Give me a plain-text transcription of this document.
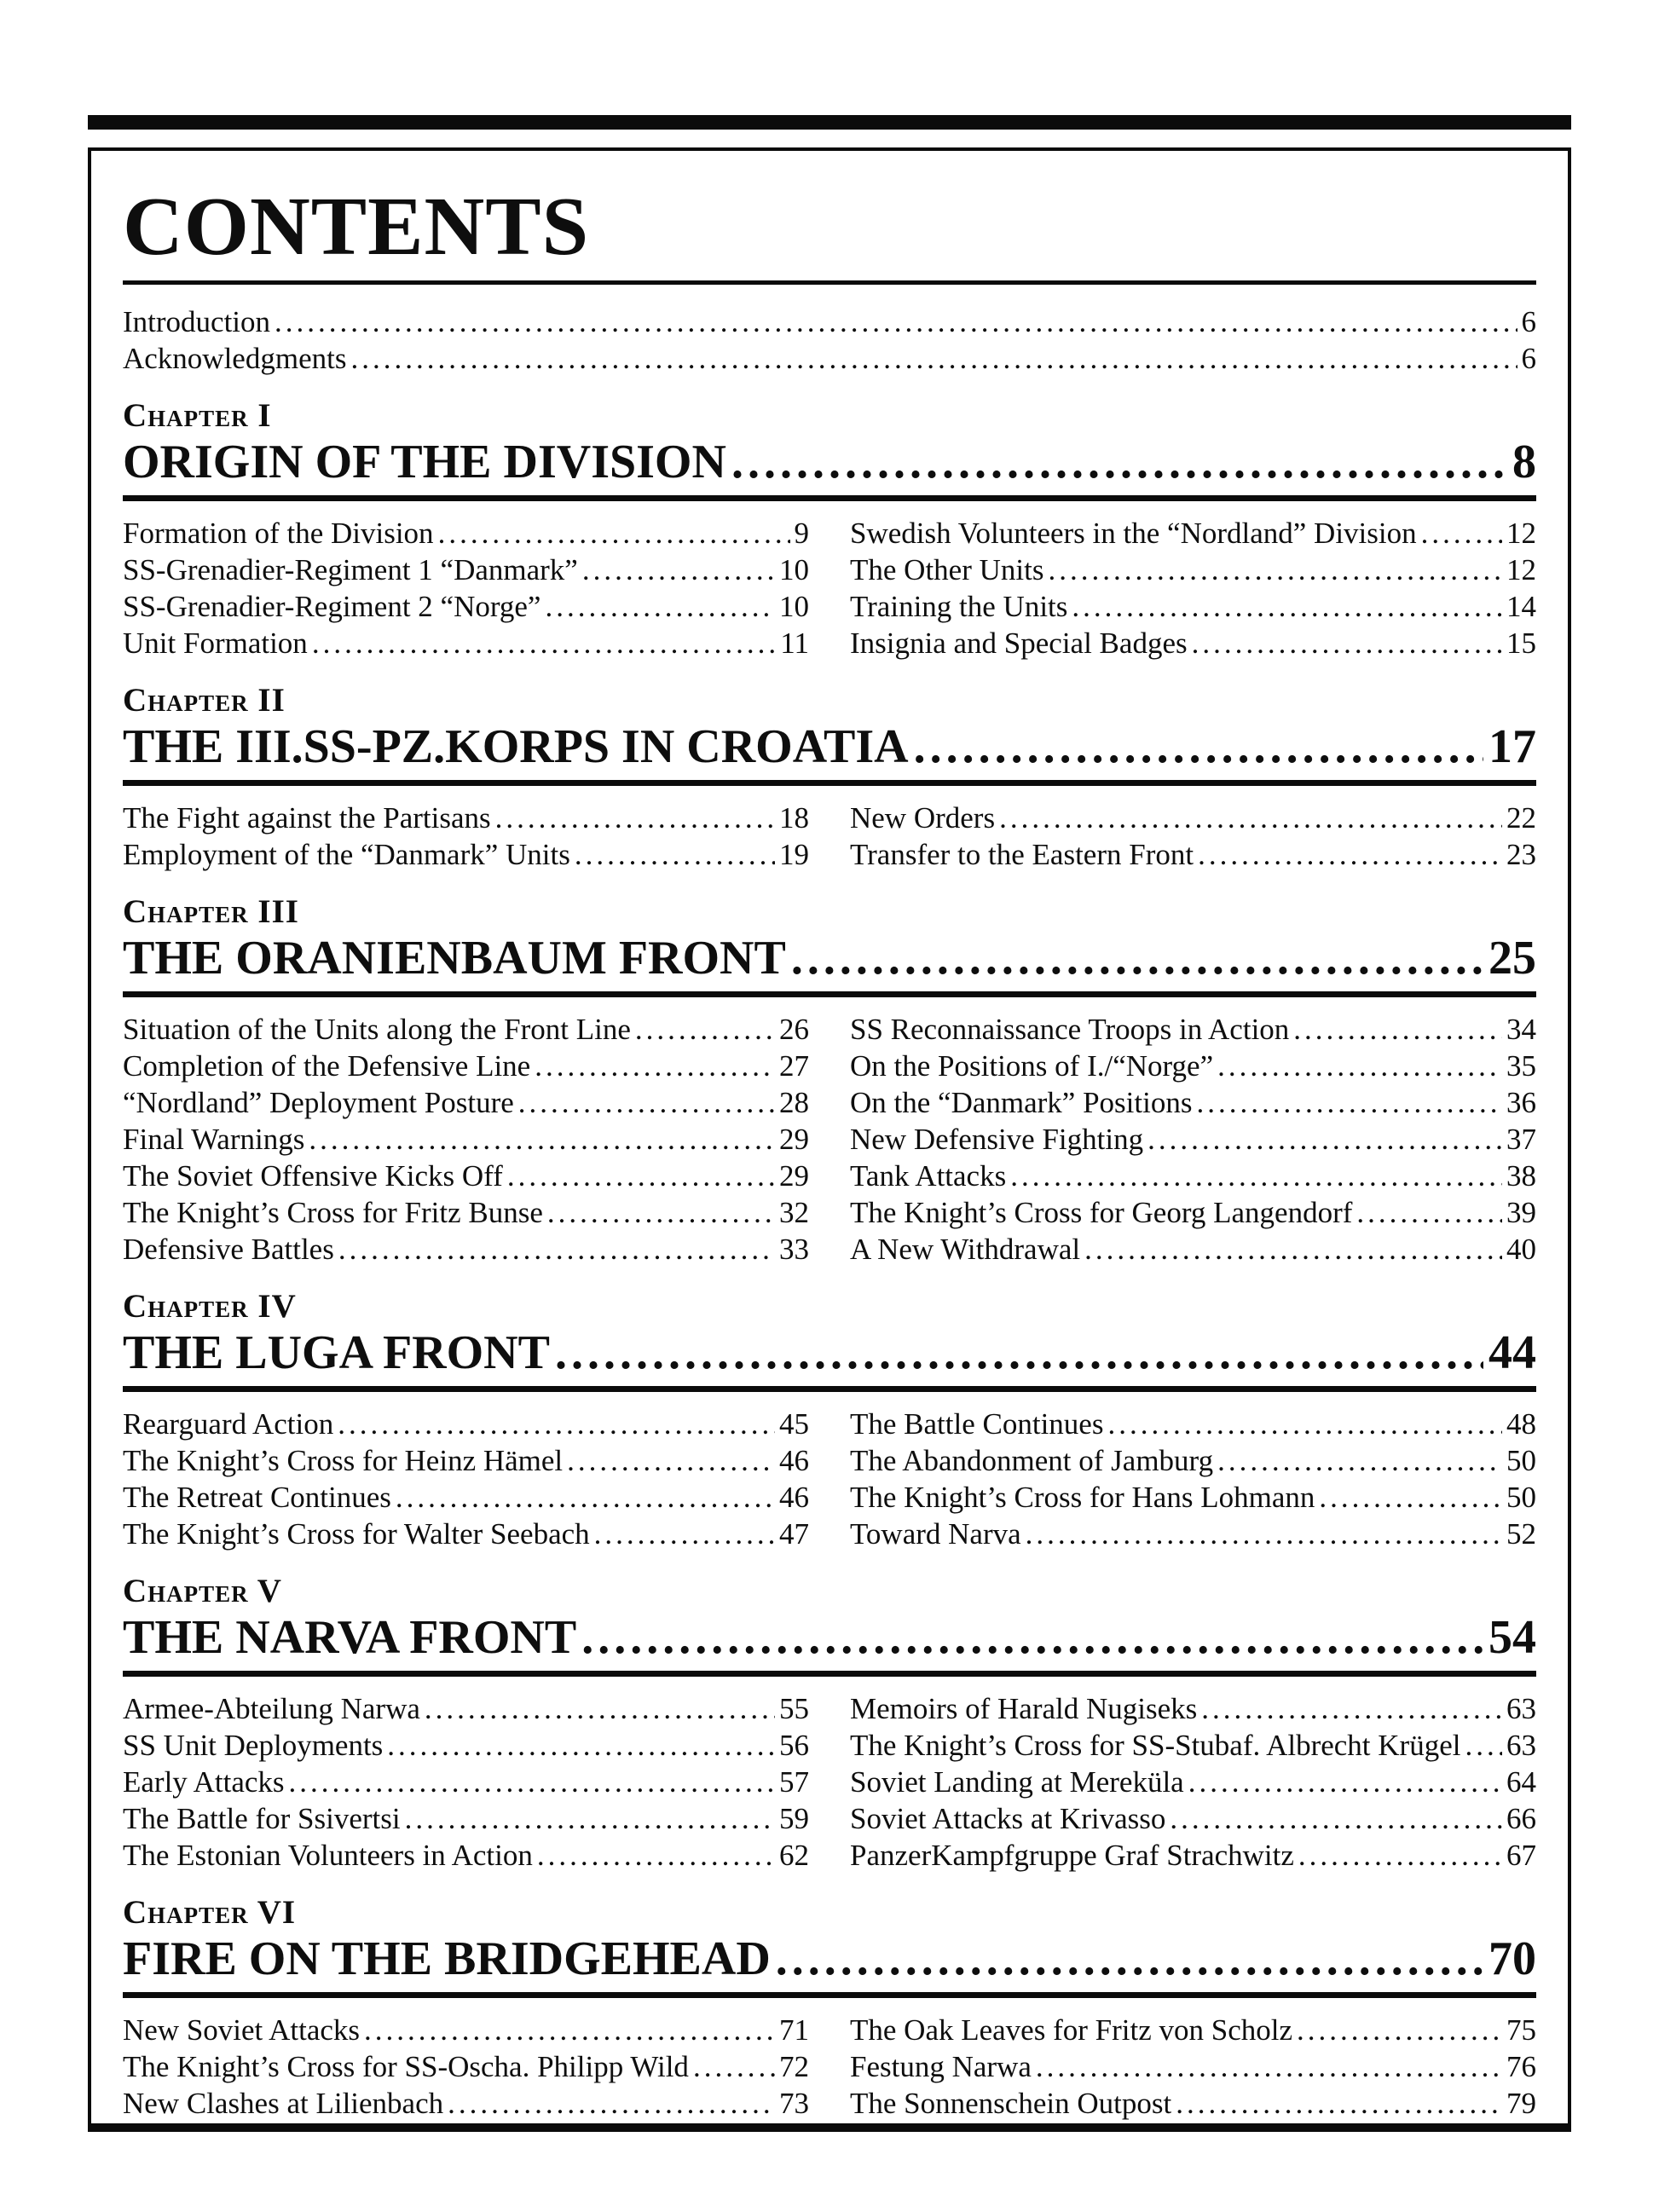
CONTENTS
Introduction .....	6
Acknowledgments .....	6
Chapter I
ORIGIN OF THE DIVISION .....	8
Formation of the Division .....	9
SS-Grenadier-Regiment 1 “Danmark” .....	10
SS-Grenadier-Regiment 2 “Norge” .....	10
Unit Formation .....	11
Swedish Volunteers in the “Nordland” Division .....	12
The Other Units .....	12
Training the Units .....	14
Insignia and Special Badges .....	15
Chapter II
THE III.SS-PZ.KORPS IN CROATIA .....	17
The Fight against the Partisans .....	18
Employment of the “Danmark” Units .....	19
New Orders .....	22
Transfer to the Eastern Front .....	23
Chapter III
THE ORANIENBAUM FRONT .....	25
Situation of the Units along the Front Line .....	26
Completion of the Defensive Line .....	27
“Nordland” Deployment Posture .....	28
Final Warnings .....	29
The Soviet Offensive Kicks Off .....	29
The Knight’s Cross for Fritz Bunse .....	32
Defensive Battles .....	33
SS Reconnaissance Troops in Action .....	34
On the Positions of I./“Norge” .....	35
On the “Danmark” Positions .....	36
New Defensive Fighting .....	37
Tank Attacks .....	38
The Knight’s Cross for Georg Langendorf .....	39
A New Withdrawal .....	40
Chapter IV
THE LUGA FRONT .....	44
Rearguard Action .....	45
The Knight’s Cross for Heinz Hämel .....	46
The Retreat Continues .....	46
The Knight’s Cross for Walter Seebach .....	47
The Battle Continues .....	48
The Abandonment of Jamburg .....	50
The Knight’s Cross for Hans Lohmann .....	50
Toward Narva .....	52
Chapter V
THE NARVA FRONT .....	54
Armee-Abteilung Narwa .....	55
SS Unit Deployments .....	56
Early Attacks .....	57
The Battle for Ssivertsi .....	59
The Estonian Volunteers in Action .....	62
Memoirs of Harald Nugiseks .....	63
The Knight’s Cross for SS-Stubaf. Albrecht Krügel ..... 63
Soviet Landing at Mereküla .....	64
Soviet Attacks at Krivasso .....	66
PanzerKampfgruppe Graf Strachwitz .....	67
Chapter VI
FIRE ON THE BRIDGEHEAD .....	70
New Soviet Attacks .....	71
The Knight’s Cross for SS-Oscha. Philipp Wild .....	72
New Clashes at Lilienbach .....	73
The Oak Leaves for Fritz von Scholz .....	75
Festung Narwa .....	76
The Sonnenschein Outpost .....	79
